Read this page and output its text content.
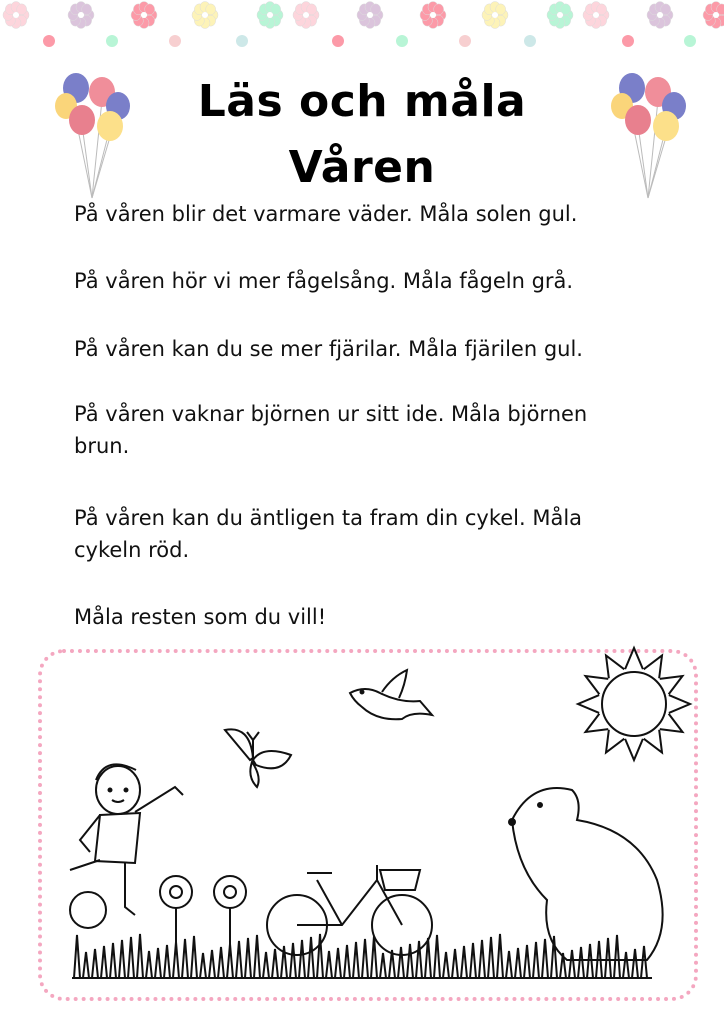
Läs och måla
Våren
På våren blir det varmare väder. Måla solen gul.
På våren hör vi mer fågelsång. Måla fågeln grå.
På våren kan du se mer fjärilar. Måla fjärilen gul.
På våren vaknar björnen ur sitt ide. Måla björnen brun.
På våren kan du äntligen ta fram din cykel. Måla cykeln röd.
Måla resten som du vill!
